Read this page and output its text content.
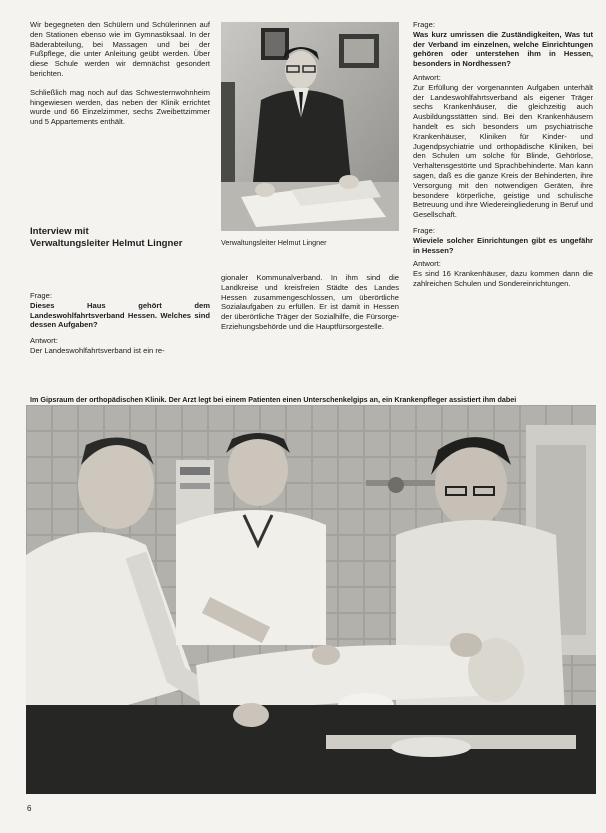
Wir begegneten den Schülern und Schülerinnen auf den Stationen ebenso wie im Gymnastiksaal. In der Bäderabteilung, bei Massagen und bei der Fußpflege, die unter Anleitung geübt werden. Über diese Schule werden wir demnächst gesondert berichten.

Schließlich mag noch auf das Schwesternwohnheim hingewiesen werden, das neben der Klinik errichtet wurde und 66 Einzelzimmer, sechs Zweibettzimmer und 5 Appartements enthält.

Interview mit
Verwaltungsleiter Helmut Lingner	Verwaltungsleiter Helmut Lingner

Frage:

Dieses Haus gehört dem Landeswohlfahrtsverband Hessen. Welches sind dessen Aufgaben?

Antwort:

Der Landeswohlfahrtsverband ist ein re-

gionaler Kommunalverband. In ihm sind die Landkreise und kreisfreien Städte des Landes Hessen zusammengeschlossen, um überörtliche Sozialaufgaben zu erfüllen. Er ist damit in Hessen der überörtliche Träger der Sozialhilfe, die Fürsorge-Erziehungsbehörde und die Hauptfürsorgestelle.

Frage:

Was kurz umrissen die Zuständigkeiten, Was tut der Verband im einzelnen, welche Einrichtungen gehören oder unterstehen ihm in Hessen, besonders in Nordhessen?

Antwort:

Zur Erfüllung der vorgenannten Aufgaben unterhält der Landeswohlfahrtsverband als eigener Träger sechs Krankenhäuser, die gleichzeitig auch Ausbildungsstätten sind. Bei den Krankenhäusern handelt es sich besonders um psychiatrische Krankenhäuser, Kliniken für Kinder- und Jugendpsychiatrie und orthopädische Kliniken, bei den Schulen um solche für Blinde, Gehörlose, Verhaltensgestörte und Sprachbehinderte. Man kann sagen, daß es die ganze Kreis der Behinderten, ihre Versorgung mit den notwendigen Geräten, ihre besondere körperliche, geistige und schulische Betreuung und ihre Wiedereingliederung in Beruf und Gesellschaft.

Frage:

Wieviele solcher Einrichtungen gibt es ungefähr in Hessen?

Antwort:

Es sind 16 Krankenhäuser, dazu kommen dann die zahlreichen Schulen und Sondereinrichtungen.

Im Gipsraum der orthopädischen Klinik. Der Arzt legt bei einem Patienten einen Unterschenkelgips an, ein Krankenpfleger assistiert ihm dabei
6
